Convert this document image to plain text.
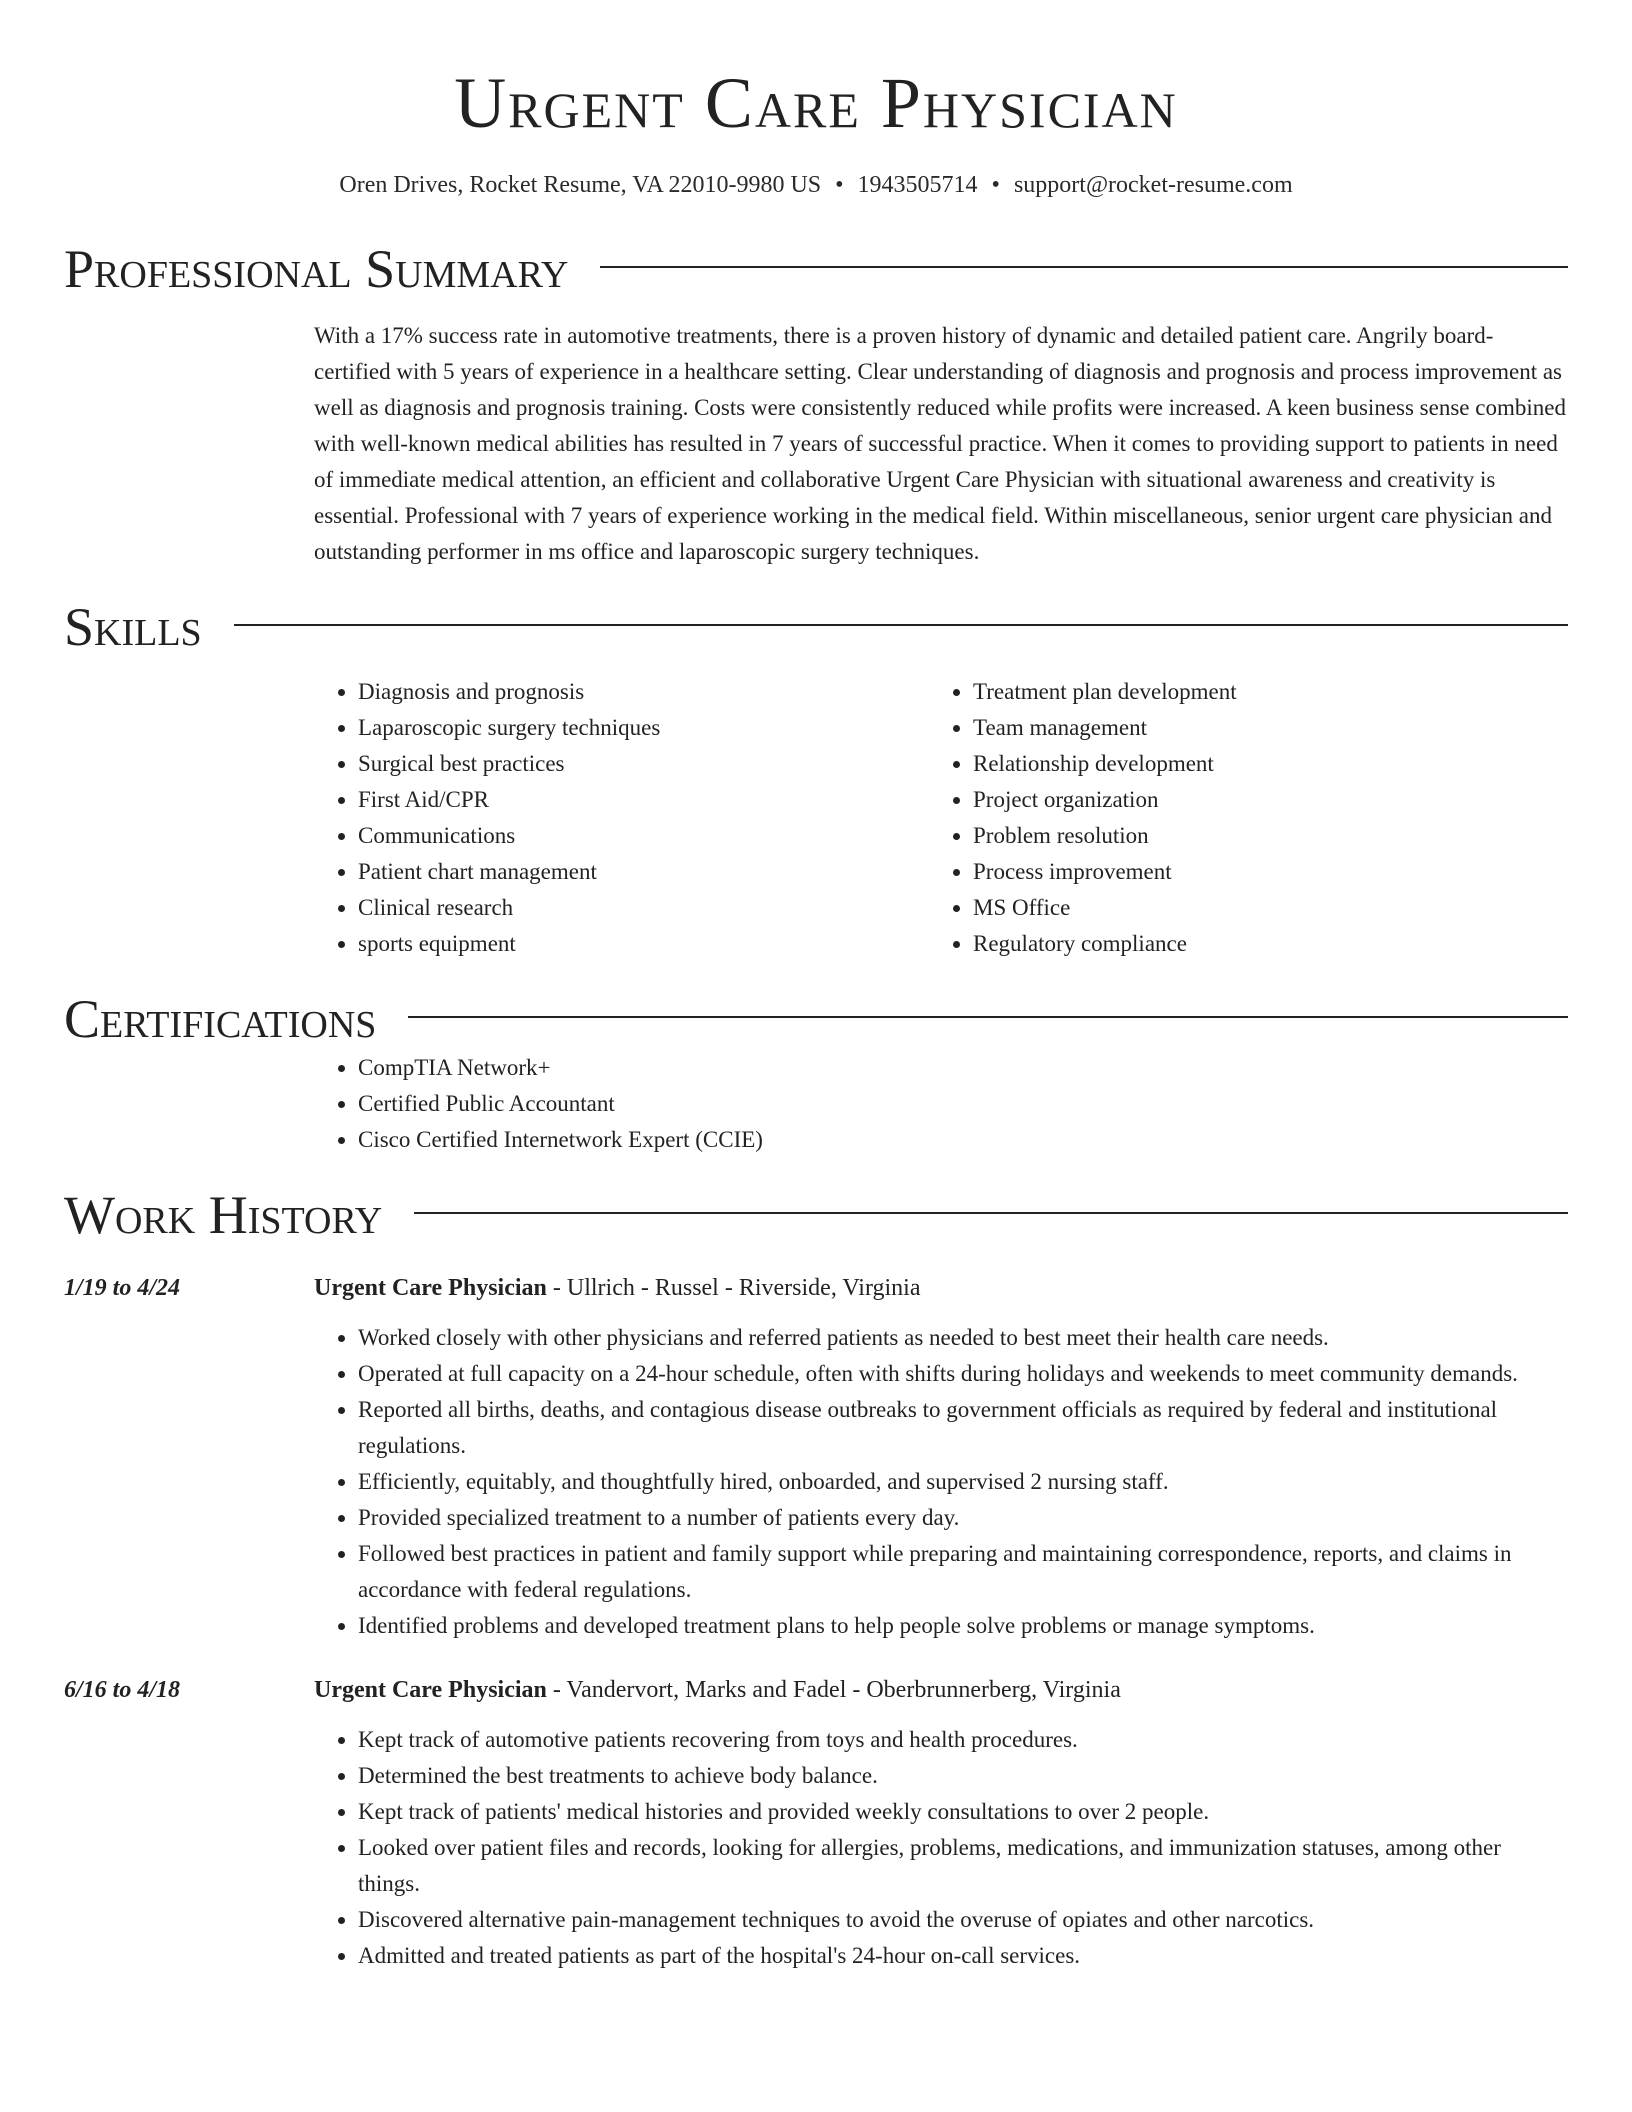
Urgent Care Physician
Oren Drives, Rocket Resume, VA 22010-9980 US • 1943505714 • support@rocket-resume.com
Professional Summary

With a 17% success rate in automotive treatments, there is a proven history of dynamic and detailed patient care. Angrily board-certified with 5 years of experience in a healthcare setting. Clear understanding of diagnosis and prognosis and process improvement as well as diagnosis and prognosis training. Costs were consistently reduced while profits were increased. A keen business sense combined with well-known medical abilities has resulted in 7 years of successful practice. When it comes to providing support to patients in need of immediate medical attention, an efficient and collaborative Urgent Care Physician with situational awareness and creativity is essential. Professional with 7 years of experience working in the medical field. Within miscellaneous, senior urgent care physician and outstanding performer in ms office and laparoscopic surgery techniques.

Skills
• Diagnosis and prognosis
• Laparoscopic surgery techniques
• Surgical best practices
• First Aid/CPR
• Communications
• Patient chart management
• Clinical research
• sports equipment
• Treatment plan development
• Team management
• Relationship development
• Project organization
• Problem resolution
• Process improvement
• MS Office
• Regulatory compliance
Certifications
• CompTIA Network+
• Certified Public Accountant
• Cisco Certified Internetwork Expert (CCIE)
Work History
1/19 to 4/24	Urgent Care Physician - Ullrich - Russel - Riverside, Virginia
• Worked closely with other physicians and referred patients as needed to best meet their health care needs.
• Operated at full capacity on a 24-hour schedule, often with shifts during holidays and weekends to meet community demands.
• Reported all births, deaths, and contagious disease outbreaks to government officials as required by federal and institutional regulations.
• Efficiently, equitably, and thoughtfully hired, onboarded, and supervised 2 nursing staff.
• Provided specialized treatment to a number of patients every day.
• Followed best practices in patient and family support while preparing and maintaining correspondence, reports, and claims in accordance with federal regulations.
• Identified problems and developed treatment plans to help people solve problems or manage symptoms.
6/16 to 4/18	Urgent Care Physician - Vandervort, Marks and Fadel - Oberbrunnerberg, Virginia
• Kept track of automotive patients recovering from toys and health procedures.
• Determined the best treatments to achieve body balance.
• Kept track of patients' medical histories and provided weekly consultations to over 2 people.
• Looked over patient files and records, looking for allergies, problems, medications, and immunization statuses, among other things.
• Discovered alternative pain-management techniques to avoid the overuse of opiates and other narcotics.
• Admitted and treated patients as part of the hospital's 24-hour on-call services.
